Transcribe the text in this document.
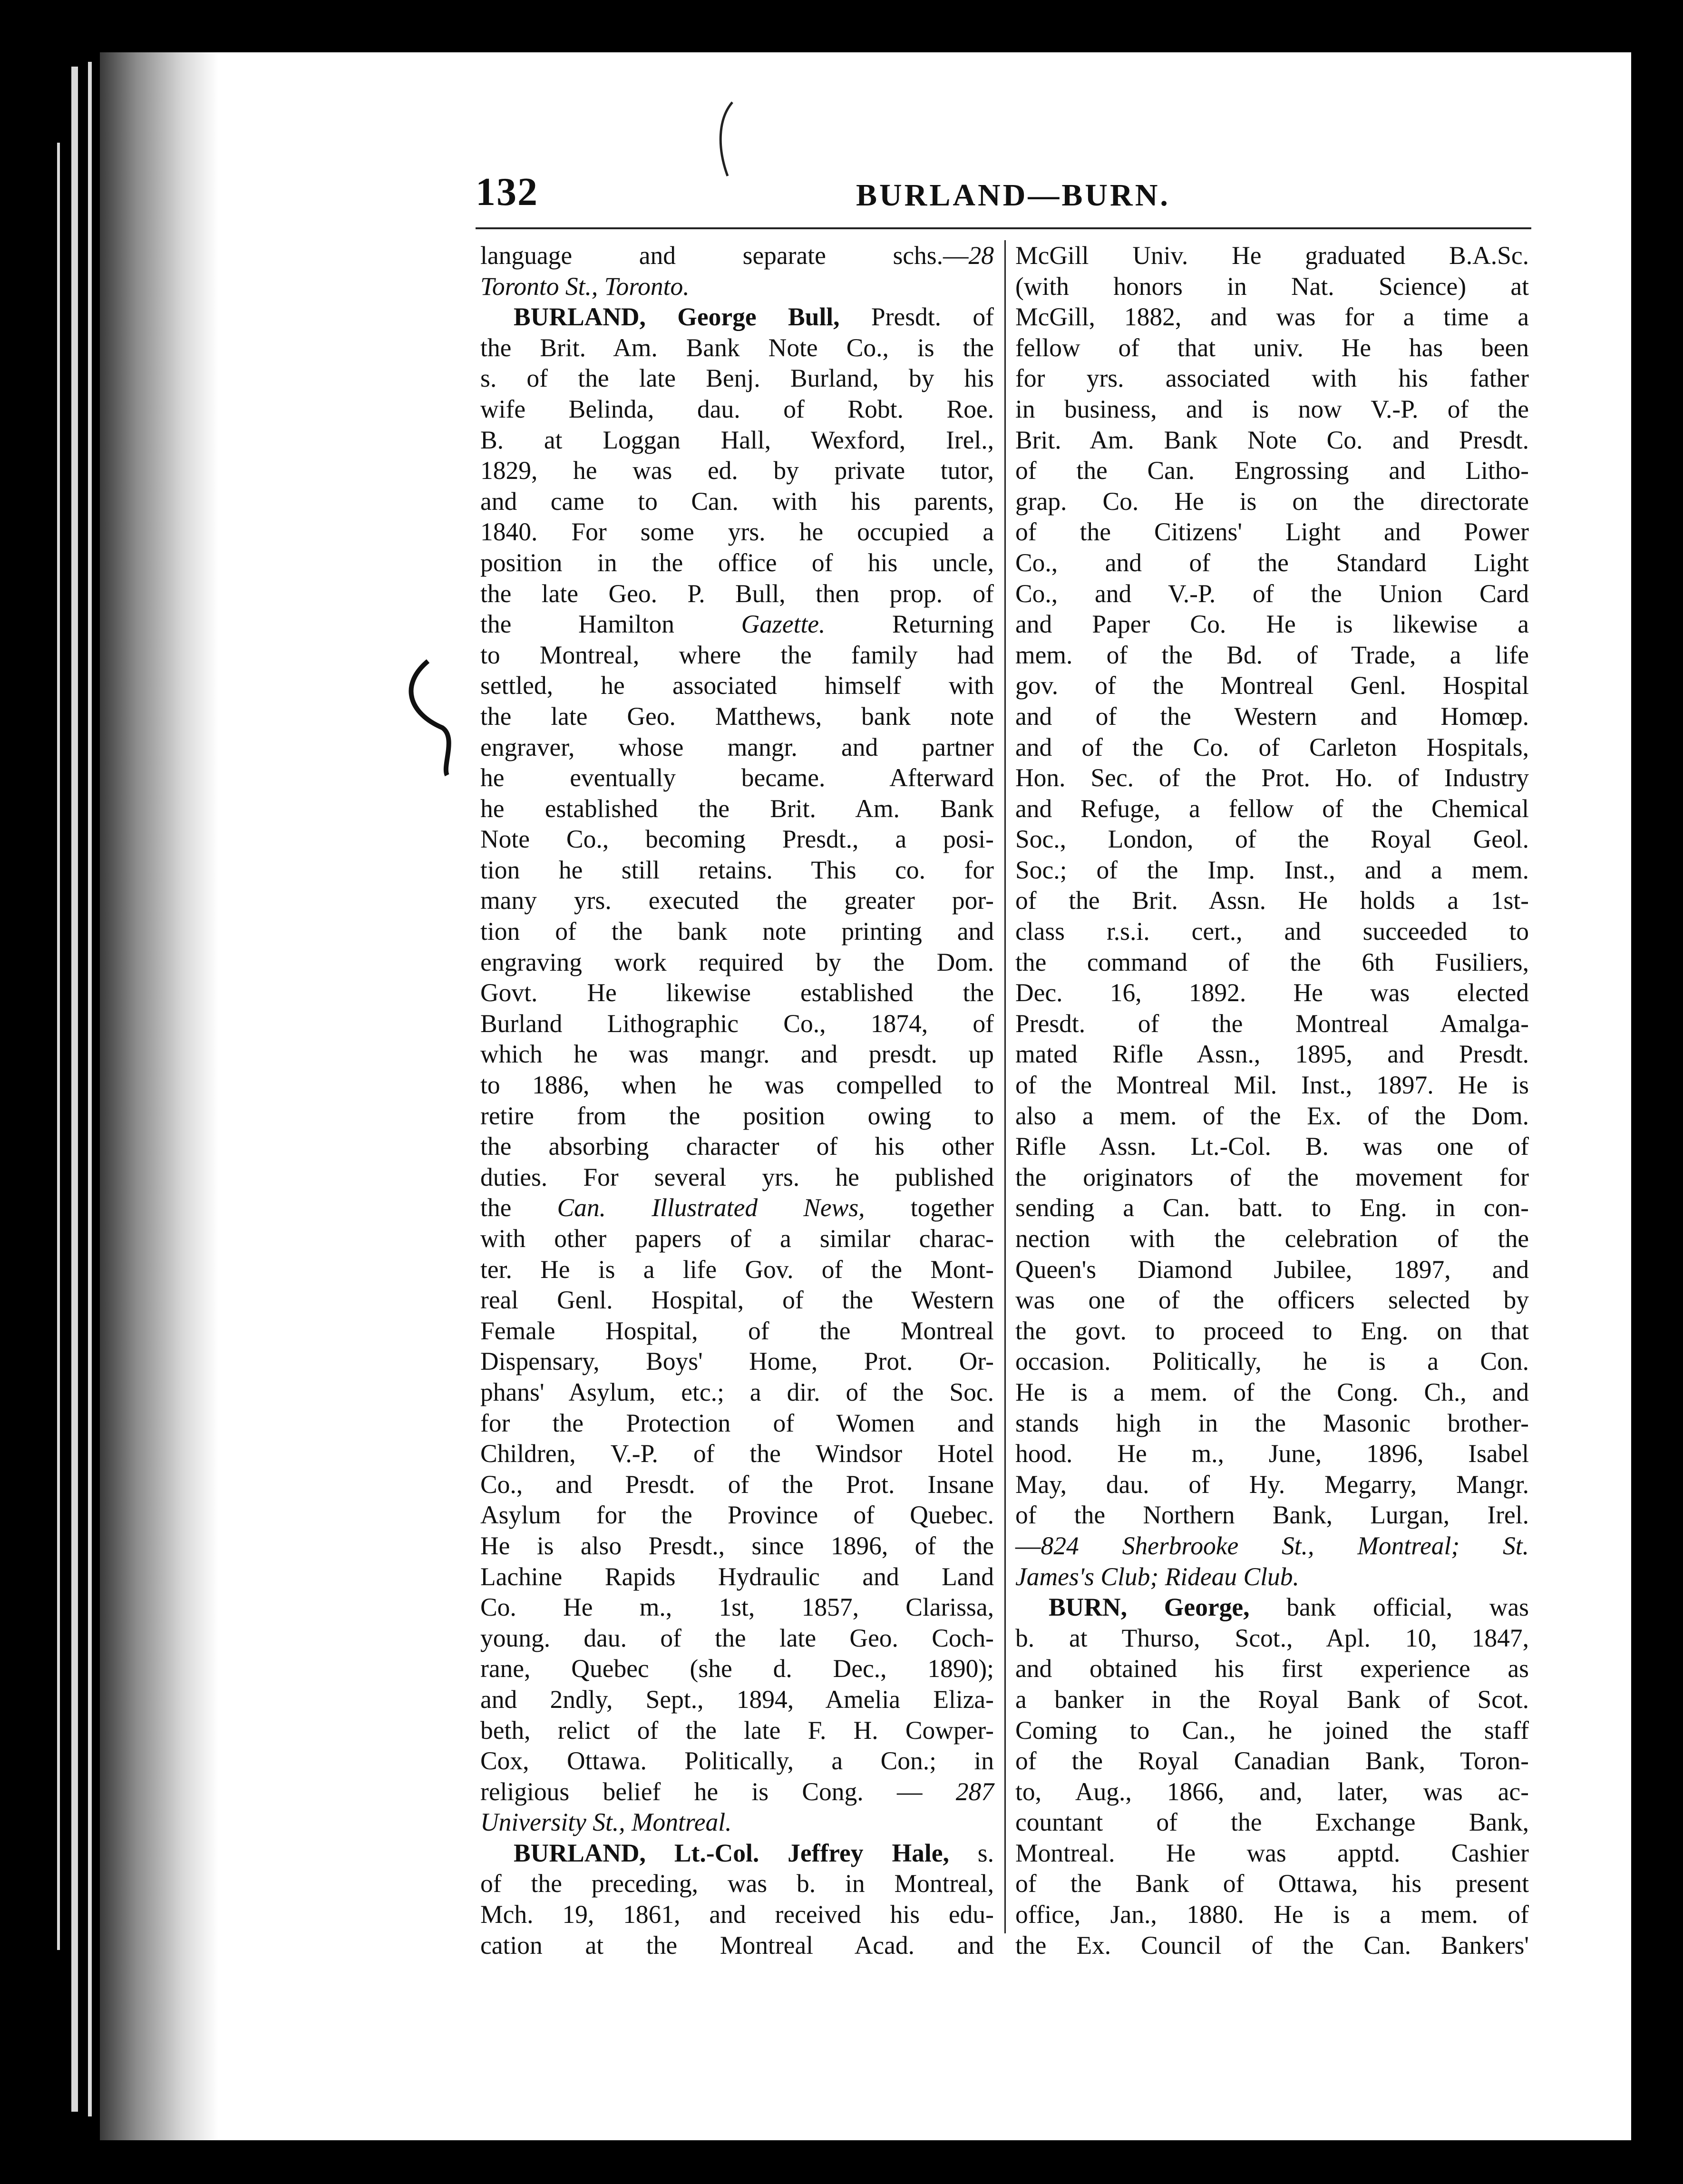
132	BURLAND—BURN.
language and separate schs.—28
Toronto St., Toronto.
BURLAND, George Bull, Presdt. of
the Brit. Am. Bank Note Co., is the
s. of the late Benj. Burland, by his
wife Belinda, dau. of Robt. Roe.
B. at Loggan Hall, Wexford, Irel.,
1829, he was ed. by private tutor,
and came to Can. with his parents,
1840. For some yrs. he occupied a
position in the office of his uncle,
the late Geo. P. Bull, then prop. of
the Hamilton Gazette. Returning
to Montreal, where the family had
settled, he associated himself with
the late Geo. Matthews, bank note
engraver, whose mangr. and partner
he eventually became. Afterward
he established the Brit. Am. Bank
Note Co., becoming Presdt., a posi-
tion he still retains. This co. for
many yrs. executed the greater por-
tion of the bank note printing and
engraving work required by the Dom.
Govt. He likewise established the
Burland Lithographic Co., 1874, of
which he was mangr. and presdt. up
to 1886, when he was compelled to
retire from the position owing to
the absorbing character of his other
duties. For several yrs. he published
the Can. Illustrated News, together
with other papers of a similar charac-
ter. He is a life Gov. of the Mont-
real Genl. Hospital, of the Western
Female Hospital, of the Montreal
Dispensary, Boys' Home, Prot. Or-
phans' Asylum, etc.; a dir. of the Soc.
for the Protection of Women and
Children, V.-P. of the Windsor Hotel
Co., and Presdt. of the Prot. Insane
Asylum for the Province of Quebec.
He is also Presdt., since 1896, of the
Lachine Rapids Hydraulic and Land
Co. He m., 1st, 1857, Clarissa,
young. dau. of the late Geo. Coch-
rane, Quebec (she d. Dec., 1890);
and 2ndly, Sept., 1894, Amelia Eliza-
beth, relict of the late F. H. Cowper-
Cox, Ottawa. Politically, a Con.; in
religious belief he is Cong. — 287
University St., Montreal.
BURLAND, Lt.-Col. Jeffrey Hale, s.
of the preceding, was b. in Montreal,
Mch. 19, 1861, and received his edu-
cation at the Montreal Acad. and
McGill Univ. He graduated B.A.Sc.
(with honors in Nat. Science) at
McGill, 1882, and was for a time a
fellow of that univ. He has been
for yrs. associated with his father
in business, and is now V.-P. of the
Brit. Am. Bank Note Co. and Presdt.
of the Can. Engrossing and Litho-
grap. Co. He is on the directorate
of the Citizens' Light and Power
Co., and of the Standard Light
Co., and V.-P. of the Union Card
and Paper Co. He is likewise a
mem. of the Bd. of Trade, a life
gov. of the Montreal Genl. Hospital
and of the Western and Homœp.
and of the Co. of Carleton Hospitals,
Hon. Sec. of the Prot. Ho. of Industry
and Refuge, a fellow of the Chemical
Soc., London, of the Royal Geol.
Soc.; of the Imp. Inst., and a mem.
of the Brit. Assn. He holds a 1st-
class r.s.i. cert., and succeeded to
the command of the 6th Fusiliers,
Dec. 16, 1892. He was elected
Presdt. of the Montreal Amalga-
mated Rifle Assn., 1895, and Presdt.
of the Montreal Mil. Inst., 1897. He is
also a mem. of the Ex. of the Dom.
Rifle Assn. Lt.-Col. B. was one of
the originators of the movement for
sending a Can. batt. to Eng. in con-
nection with the celebration of the
Queen's Diamond Jubilee, 1897, and
was one of the officers selected by
the govt. to proceed to Eng. on that
occasion. Politically, he is a Con.
He is a mem. of the Cong. Ch., and
stands high in the Masonic brother-
hood. He m., June, 1896, Isabel
May, dau. of Hy. Megarry, Mangr.
of the Northern Bank, Lurgan, Irel.
—824 Sherbrooke St., Montreal; St.
James's Club; Rideau Club.
BURN, George, bank official, was
b. at Thurso, Scot., Apl. 10, 1847,
and obtained his first experience as
a banker in the Royal Bank of Scot.
Coming to Can., he joined the staff
of the Royal Canadian Bank, Toron-
to, Aug., 1866, and, later, was ac-
countant of the Exchange Bank,
Montreal. He was apptd. Cashier
of the Bank of Ottawa, his present
office, Jan., 1880. He is a mem. of
the Ex. Council of the Can. Bankers'
